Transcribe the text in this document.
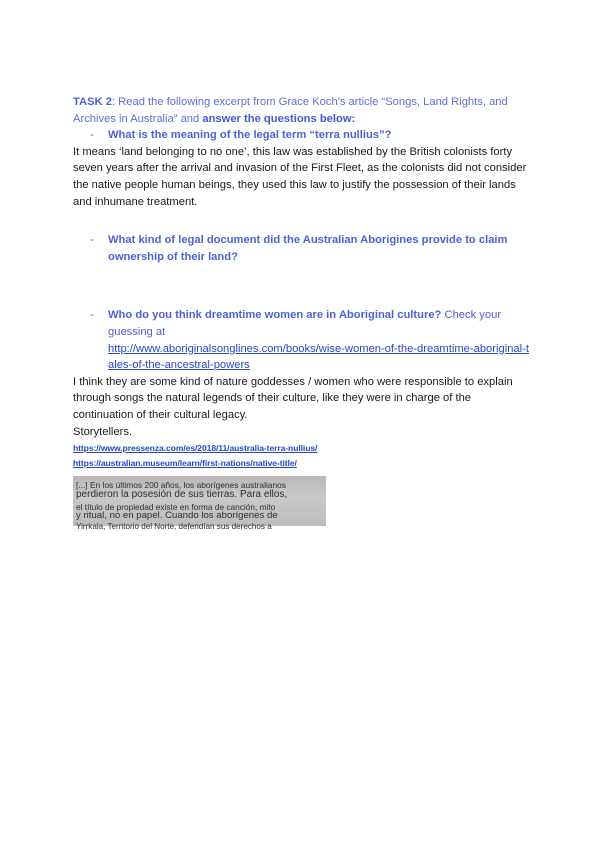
TASK 2: Read the following excerpt from Grace Koch's article “Songs, Land Rights, and Archives in Australia” and answer the questions below:
- What is the meaning of the legal term “terra nullius”?
It means ‘land belonging to no one’, this law was established by the British colonists forty seven years after the arrival and invasion of the First Fleet, as the colonists did not consider the native people human beings, they used this law to justify the possession of their lands and inhumane treatment.
- What kind of legal document did the Australian Aborigines provide to claim ownership of their land?
- Who do you think dreamtime women are in Aboriginal culture? Check your guessing at
http://www.aboriginalsonglines.com/books/wise-women-of-the-dreamtime-aboriginal-tales-of-the-ancestral-powers
I think they are some kind of nature goddesses / women who were responsible to explain through songs the natural legends of their culture, like they were in charge of the continuation of their cultural legacy.
Storytellers.
https://www.pressenza.com/es/2018/11/australia-terra-nullius/
https://australian.museum/learn/first-nations/native-title/
[...] En los últimos 200 años, los aborígenes australianos
perdieron la posesión de sus tierras. Para ellos,
el título de propiedad existe en forma de canción, mito
y ritual, no en papel. Cuando los aborígenes de
Yirrkala, Territorio del Norte, defendían sus derechos a
